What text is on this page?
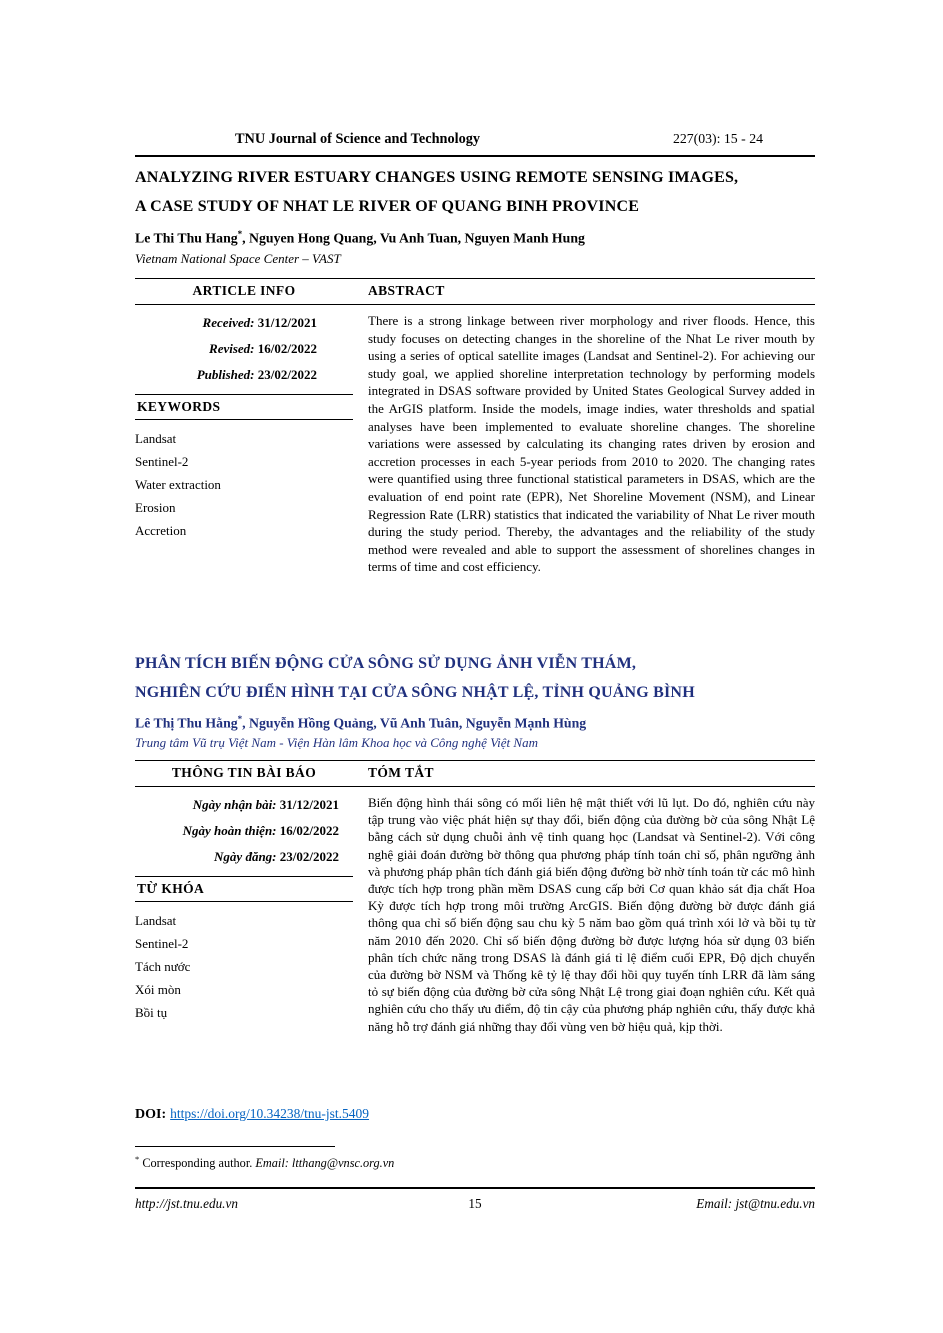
TNU Journal of Science and Technology	227(03): 15 - 24
ANALYZING RIVER ESTUARY CHANGES USING REMOTE SENSING IMAGES,
A CASE STUDY OF NHAT LE RIVER OF QUANG BINH PROVINCE
Le Thi Thu Hang*, Nguyen Hong Quang, Vu Anh Tuan, Nguyen Manh Hung
Vietnam National Space Center – VAST
ARTICLE INFO	ABSTRACT
Received: 31/12/2021
Revised: 16/02/2022
Published: 23/02/2022
KEYWORDS
Landsat
Sentinel-2
Water extraction
Erosion
Accretion
There is a strong linkage between river morphology and river floods. Hence, this study focuses on detecting changes in the shoreline of the Nhat Le river mouth by using a series of optical satellite images (Landsat and Sentinel-2). For achieving our study goal, we applied shoreline interpretation technology by performing models integrated in DSAS software provided by United States Geological Survey added in the ArGIS platform. Inside the models, image indies, water thresholds and spatial analyses have been implemented to evaluate shoreline changes. The shoreline variations were assessed by calculating its changing rates driven by erosion and accretion processes in each 5-year periods from 2010 to 2020. The changing rates were quantified using three functional statistical parameters in DSAS, which are the evaluation of end point rate (EPR), Net Shoreline Movement (NSM), and Linear Regression Rate (LRR) statistics that indicated the variability of Nhat Le river mouth during the study period. Thereby, the advantages and the reliability of the study method were revealed and able to support the assessment of shorelines changes in terms of time and cost efficiency.
PHÂN TÍCH BIẾN ĐỘNG CỬA SÔNG SỬ DỤNG ẢNH VIỄN THÁM,
NGHIÊN CỨU ĐIỂN HÌNH TẠI CỬA SÔNG NHẬT LỆ, TỈNH QUẢNG BÌNH
Lê Thị Thu Hằng*, Nguyễn Hồng Quảng, Vũ Anh Tuân, Nguyễn Mạnh Hùng
Trung tâm Vũ trụ Việt Nam - Viện Hàn lâm Khoa học và Công nghệ Việt Nam
THÔNG TIN BÀI BÁO	TÓM TẮT
Ngày nhận bài: 31/12/2021
Ngày hoàn thiện: 16/02/2022
Ngày đăng: 23/02/2022
TỪ KHÓA
Landsat
Sentinel-2
Tách nước
Xói mòn
Bồi tụ
Biến động hình thái sông có mối liên hệ mật thiết với lũ lụt. Do đó, nghiên cứu này tập trung vào việc phát hiện sự thay đổi, biến động của đường bờ của sông Nhật Lệ bằng cách sử dụng chuỗi ảnh vệ tinh quang học (Landsat và Sentinel-2). Với công nghệ giải đoán đường bờ thông qua phương pháp tính toán chỉ số, phân ngưỡng ảnh và phương pháp phân tích đánh giá biến động đường bờ nhờ tính toán từ các mô hình được tích hợp trong phần mềm DSAS cung cấp bởi Cơ quan khảo sát địa chất Hoa Kỳ được tích hợp trong môi trường ArcGIS. Biến động đường bờ được đánh giá thông qua chỉ số biến động sau chu kỳ 5 năm bao gồm quá trình xói lở và bồi tụ từ năm 2010 đến 2020. Chỉ số biến động đường bờ được lượng hóa sử dụng 03 biến phân tích chức năng trong DSAS là đánh giá tỉ lệ điểm cuối EPR, Độ dịch chuyển của đường bờ NSM và Thống kê tỷ lệ thay đổi hồi quy tuyến tính LRR đã làm sáng tỏ sự biến động của đường bờ cửa sông Nhật Lệ trong giai đoạn nghiên cứu. Kết quả nghiên cứu cho thấy ưu điểm, độ tin cậy của phương pháp nghiên cứu, thấy được khả năng hỗ trợ đánh giá những thay đổi vùng ven bờ hiệu quả, kịp thời.
DOI: https://doi.org/10.34238/tnu-jst.5409
* Corresponding author. Email: ltthang@vnsc.org.vn
http://jst.tnu.edu.vn	15	Email: jst@tnu.edu.vn
